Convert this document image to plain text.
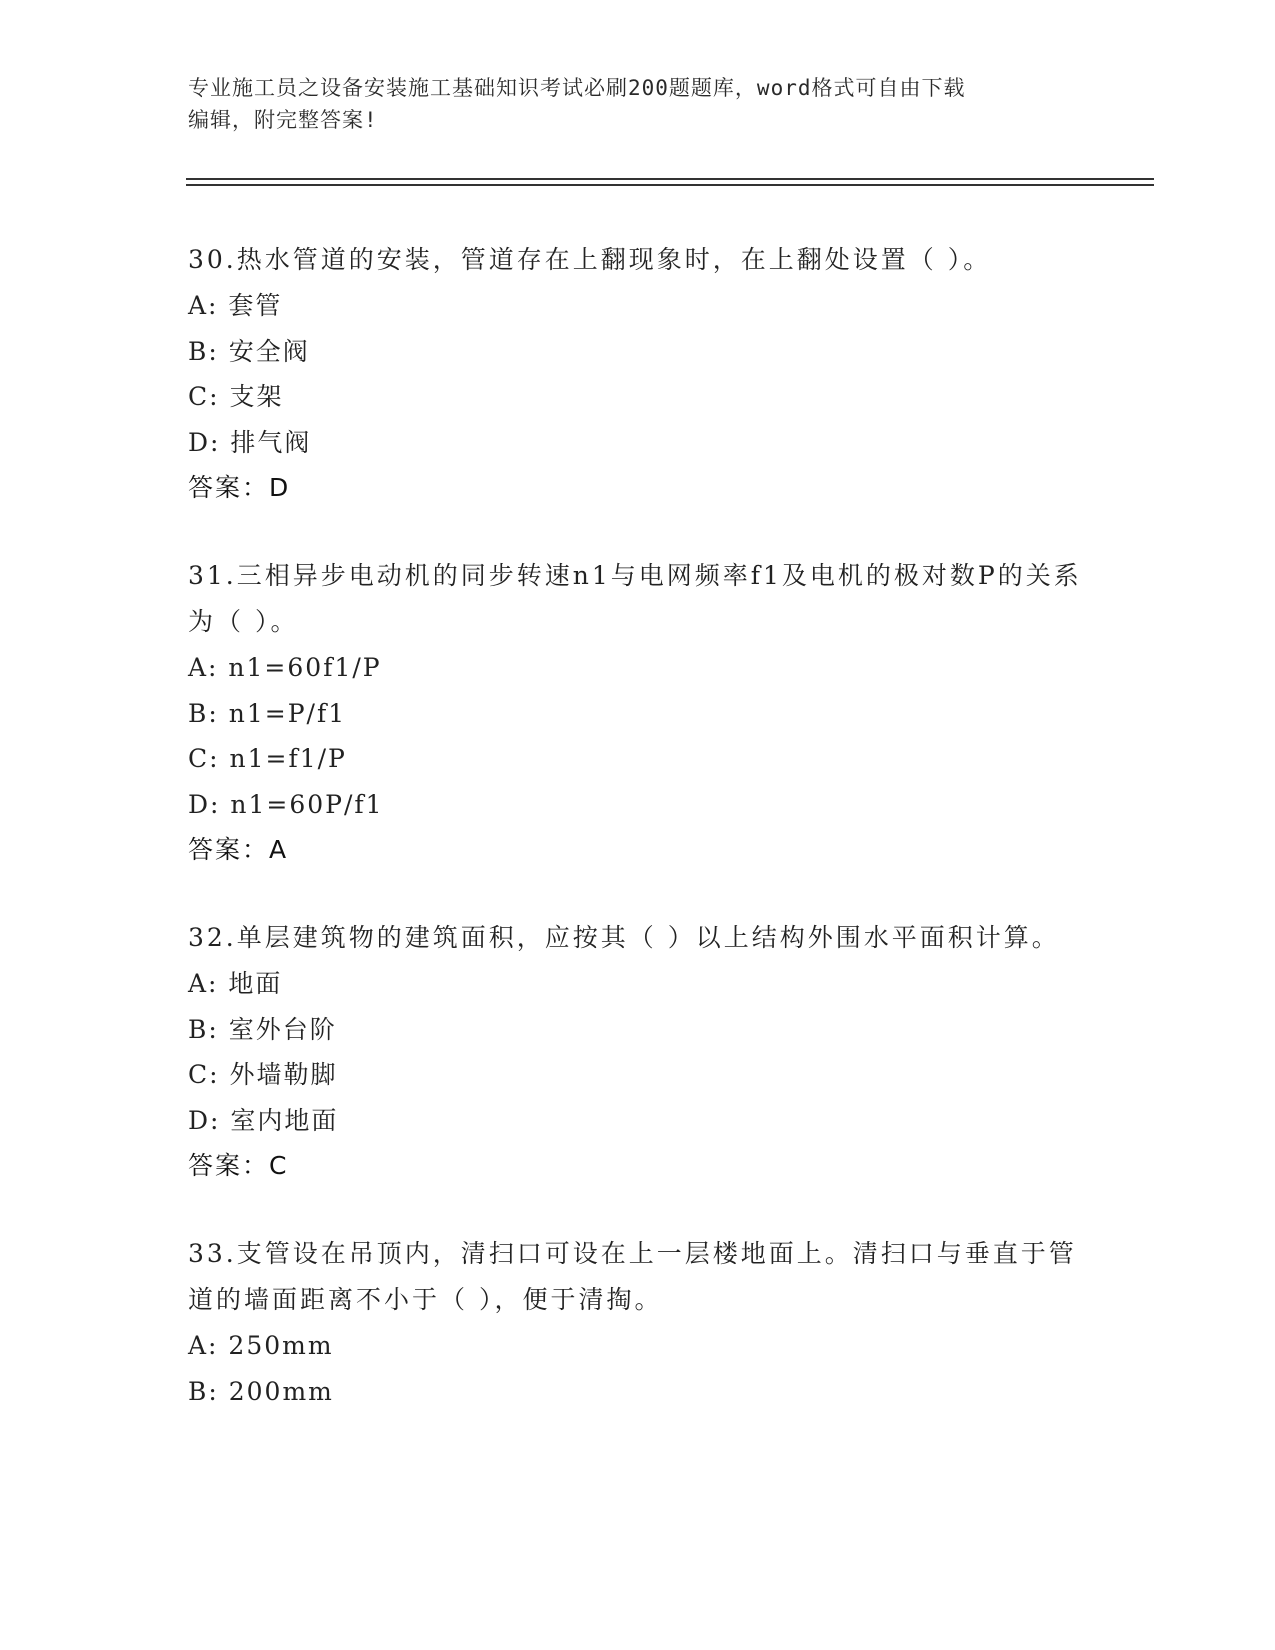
专业施工员之设备安装施工基础知识考试必刷200题题库，word格式可自由下载
编辑，附完整答案!
30.热水管道的安装，管道存在上翻现象时，在上翻处设置（ ）。
A: 套管
B: 安全阀
C: 支架
D: 排气阀
答案：D
31.三相异步电动机的同步转速n1与电网频率f1及电机的极对数P的关系为（ ）。
A: n1=60f1/P
B: n1=P/f1
C: n1=f1/P
D: n1=60P/f1
答案：A
32.单层建筑物的建筑面积，应按其（ ）以上结构外围水平面积计算。
A: 地面
B: 室外台阶
C: 外墙勒脚
D: 室内地面
答案：C
33.支管设在吊顶内，清扫口可设在上一层楼地面上。清扫口与垂直于管道的墙面距离不小于（ ），便于清掏。
A: 250mm
B: 200mm
